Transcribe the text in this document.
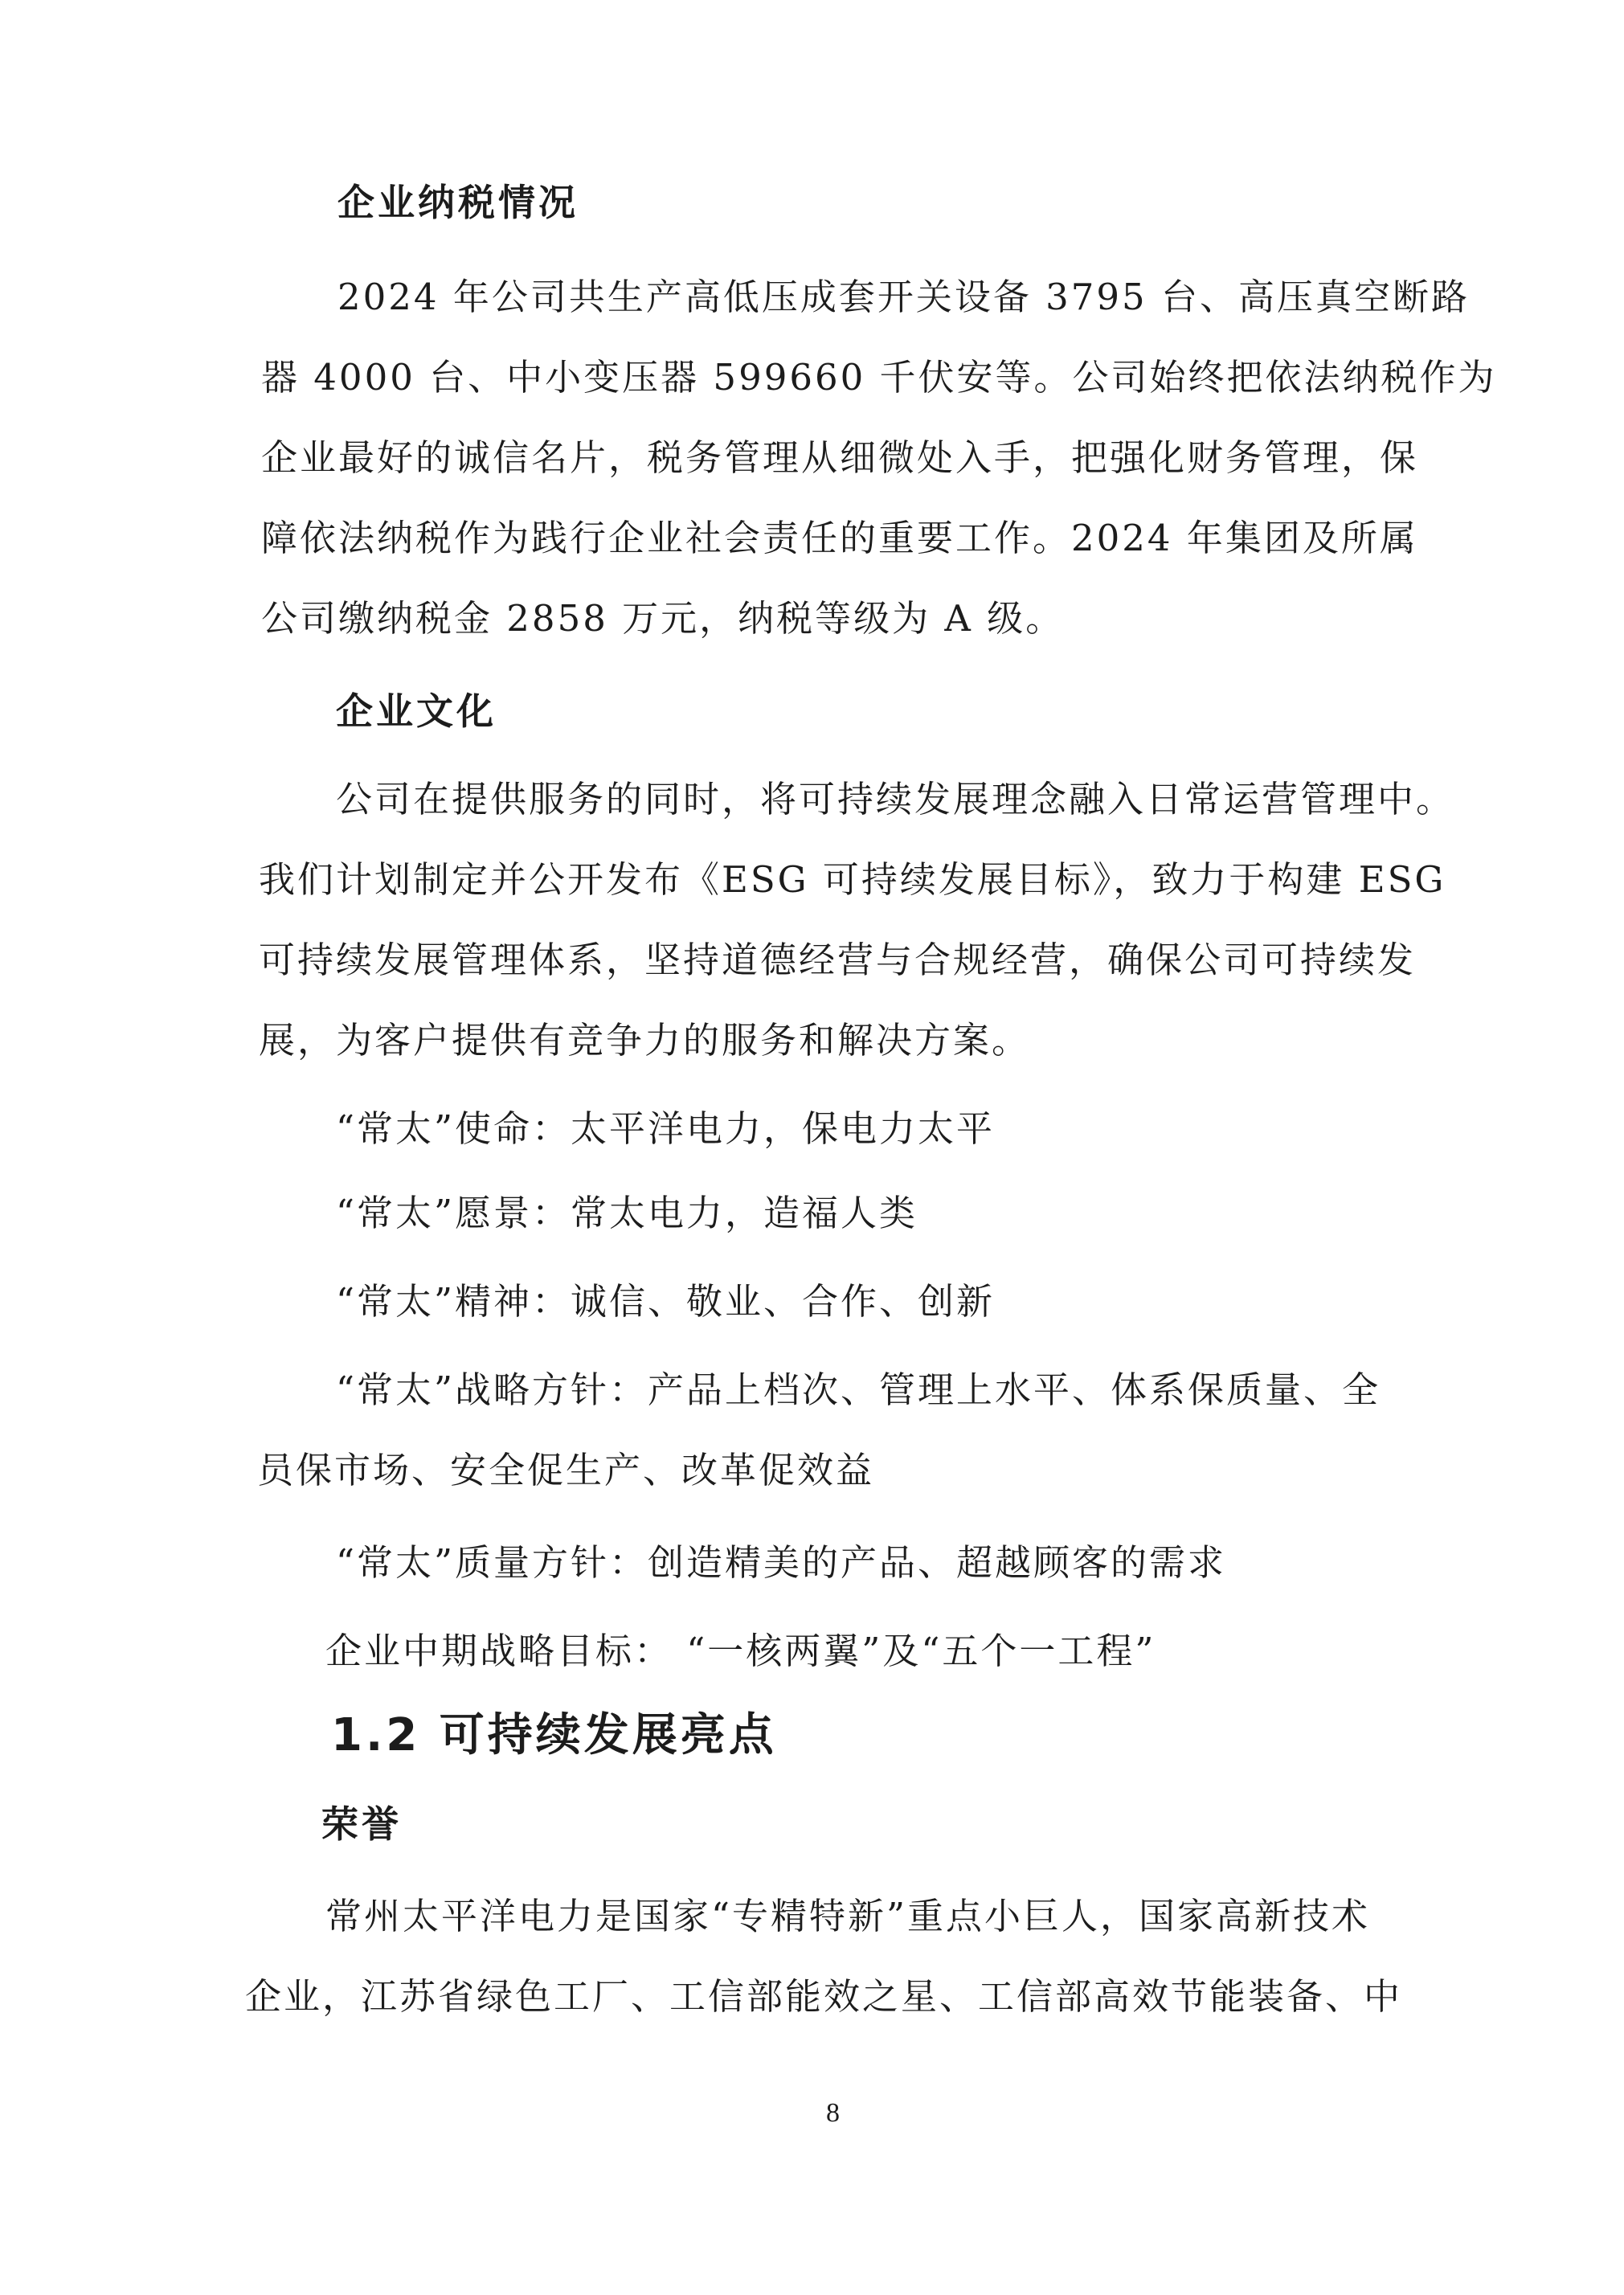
企业纳税情况
2024 年公司共生产高低压成套开关设备 3795 台、高压真空断路
器 4000 台、中小变压器 599660 千伏安等。公司始终把依法纳税作为
企业最好的诚信名片，税务管理从细微处入手，把强化财务管理，保
障依法纳税作为践行企业社会责任的重要工作。2024 年集团及所属
公司缴纳税金 2858 万元，纳税等级为 A 级。
企业文化
公司在提供服务的同时，将可持续发展理念融入日常运营管理中。
我们计划制定并公开发布《ESG 可持续发展目标》，致力于构建 ESG
可持续发展管理体系，坚持道德经营与合规经营，确保公司可持续发
展，为客户提供有竞争力的服务和解决方案。
“常太”使命：太平洋电力，保电力太平
“常太”愿景：常太电力，造福人类
“常太”精神：诚信、敬业、合作、创新
“常太”战略方针：产品上档次、管理上水平、体系保质量、全
员保市场、安全促生产、改革促效益
“常太”质量方针：创造精美的产品、超越顾客的需求
企业中期战略目标： “一核两翼”及“五个一工程”
1.2 可持续发展亮点
荣誉
常州太平洋电力是国家“专精特新”重点小巨人，国家高新技术
企业，江苏省绿色工厂、工信部能效之星、工信部高效节能装备、中
8
